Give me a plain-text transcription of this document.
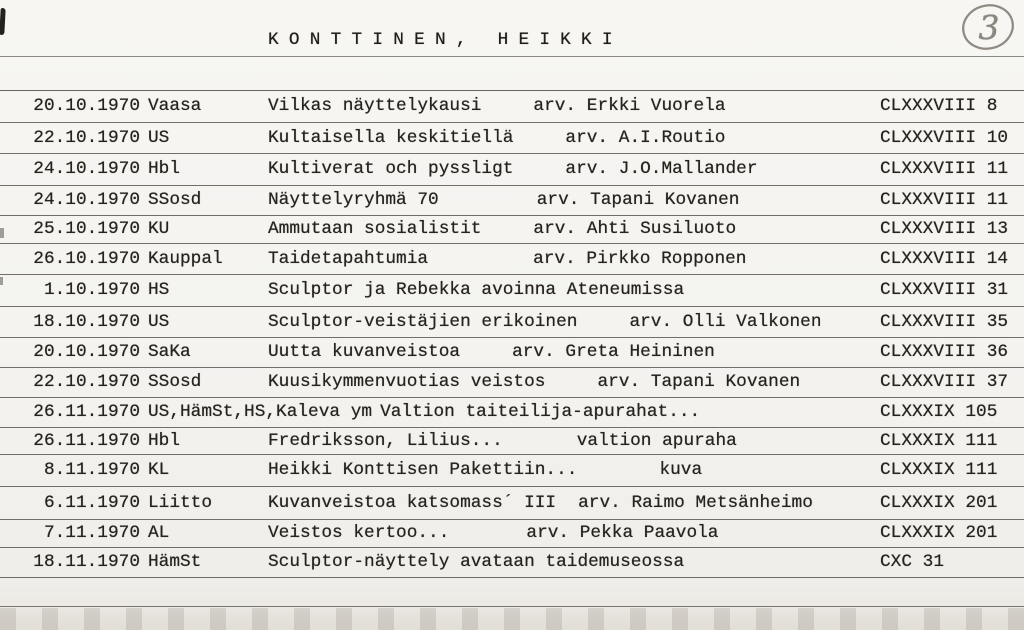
KONTTINEN, HEIKKI	3
20.10.1970 Vaasa	Vilkas näyttelykausi	arv. Erkki Vuorela	CLXXXVIII 8
22.10.1970 US	Kultaisella keskitiellä	arv. A.I.Routio	CLXXXVIII 10
24.10.1970 Hbl	Kultiverat och pyssligt	arv. J.O.Mallander	CLXXXVIII 11
24.10.1970 SSosd	Näyttelyryhmä 70	arv. Tapani Kovanen	CLXXXVIII 11
25.10.1970 KU	Ammutaan sosialistit	arv. Ahti Susiluoto	CLXXXVIII 13
26.10.1970 Kauppal	Taidetapahtumia	arv. Pirkko Ropponen	CLXXXVIII 14
1.10.1970 HS	Sculptor ja Rebekka avoinna Ateneumissa	CLXXXVIII 31
18.10.1970 US	Sculptor-veistäjien erikoinen	arv. Olli Valkonen	CLXXXVIII 35
20.10.1970 SaKa	Uutta kuvanveistoa	arv. Greta Heininen	CLXXXVIII 36
22.10.1970 SSosd	Kuusikymmenvuotias veistos	arv. Tapani Kovanen	CLXXXVIII 37
26.11.1970 US,HämSt,HS,Kaleva ym Valtion taiteilija-apurahat...	CLXXXIX 105
26.11.1970 Hbl	Fredriksson, Lilius...	valtion apuraha	CLXXXIX 111
8.11.1970 KL	Heikki Konttisen Pakettiin...	kuva	CLXXXIX 111
6.11.1970 Liitto	Kuvanveistoa katsomass´ III arv. Raimo Metsänheimo	CLXXXIX 201
7.11.1970 AL	Veistos kertoo...	arv. Pekka Paavola	CLXXXIX 201
18.11.1970 HämSt	Sculptor-näyttely avataan taidemuseossa	CXC 31
